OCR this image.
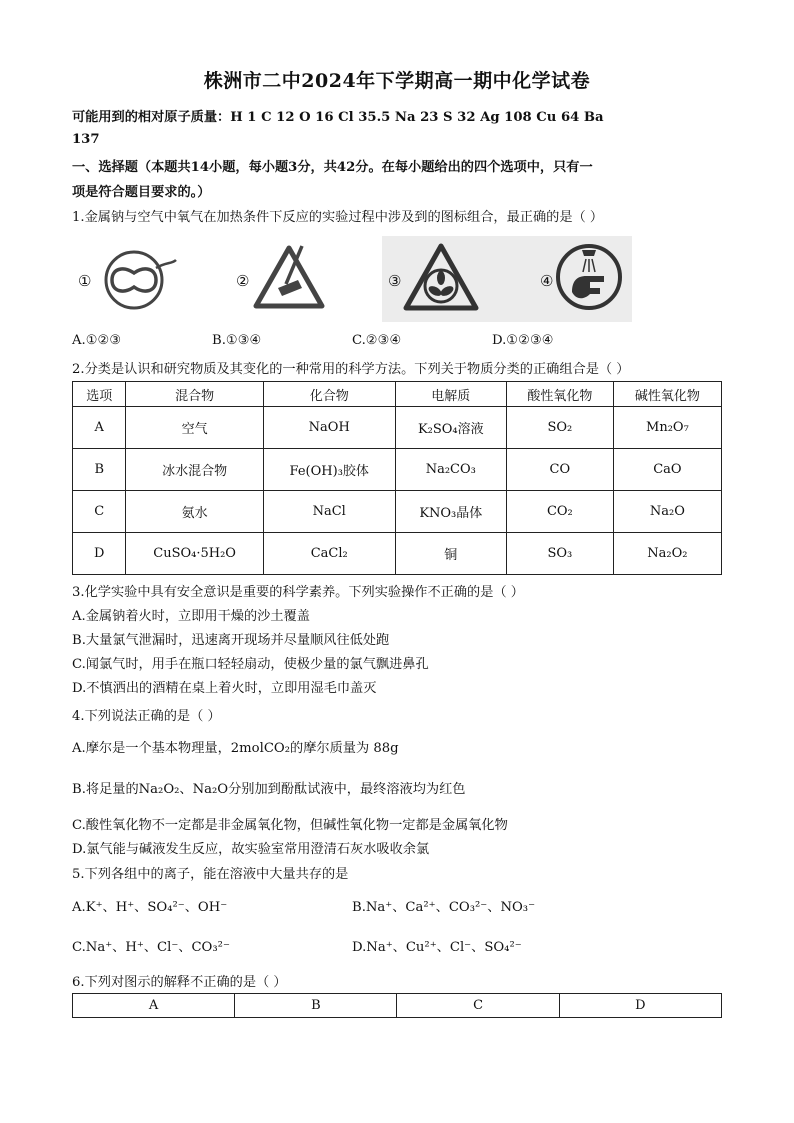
株洲市二中2024年下学期高一期中化学试卷
可能用到的相对原子质量：H 1 C 12 O 16 Cl 35.5 Na 23 S 32 Ag 108 Cu 64 Ba
137
一、选择题（本题共14小题，每小题3分，共42分。在每小题给出的四个选项中，只有一
项是符合题目要求的。）
1.金属钠与空气中氧气在加热条件下反应的实验过程中涉及到的图标组合，最正确的是（ ）
①	②	③	④
A.①②③	B.①③④	C.②③④	D.①②③④
2.分类是认识和研究物质及其变化的一种常用的科学方法。下列关于物质分类的正确组合是（ ）
选项	混合物	化合物	电解质	酸性氧化物	碱性氧化物
A	空气	NaOH	K₂SO₄溶液	SO₂	Mn₂O₇
B	冰水混合物	Fe(OH)₃胶体	Na₂CO₃	CO	CaO
C	氨水	NaCl	KNO₃晶体	CO₂	Na₂O
D	CuSO₄·5H₂O	CaCl₂	铜	SO₃	Na₂O₂
3.化学实验中具有安全意识是重要的科学素养。下列实验操作不正确的是（ ）
A.金属钠着火时，立即用干燥的沙土覆盖
B.大量氯气泄漏时，迅速离开现场并尽量顺风往低处跑
C.闻氯气时，用手在瓶口轻轻扇动，使极少量的氯气飘进鼻孔
D.不慎洒出的酒精在桌上着火时，立即用湿毛巾盖灭
4.下列说法正确的是（ ）
A.摩尔是一个基本物理量，2molCO₂的摩尔质量为 88g
B.将足量的Na₂O₂、Na₂O分别加到酚酞试液中，最终溶液均为红色
C.酸性氧化物不一定都是非金属氧化物，但碱性氧化物一定都是金属氧化物
D.氯气能与碱液发生反应，故实验室常用澄清石灰水吸收余氯
5.下列各组中的离子，能在溶液中大量共存的是
A.K⁺、H⁺、SO₄²⁻、OH⁻	B.Na⁺、Ca²⁺、CO₃²⁻、NO₃⁻
C.Na⁺、H⁺、Cl⁻、CO₃²⁻	D.Na⁺、Cu²⁺、Cl⁻、SO₄²⁻
6.下列对图示的解释不正确的是（ ）
A	B	C	D
